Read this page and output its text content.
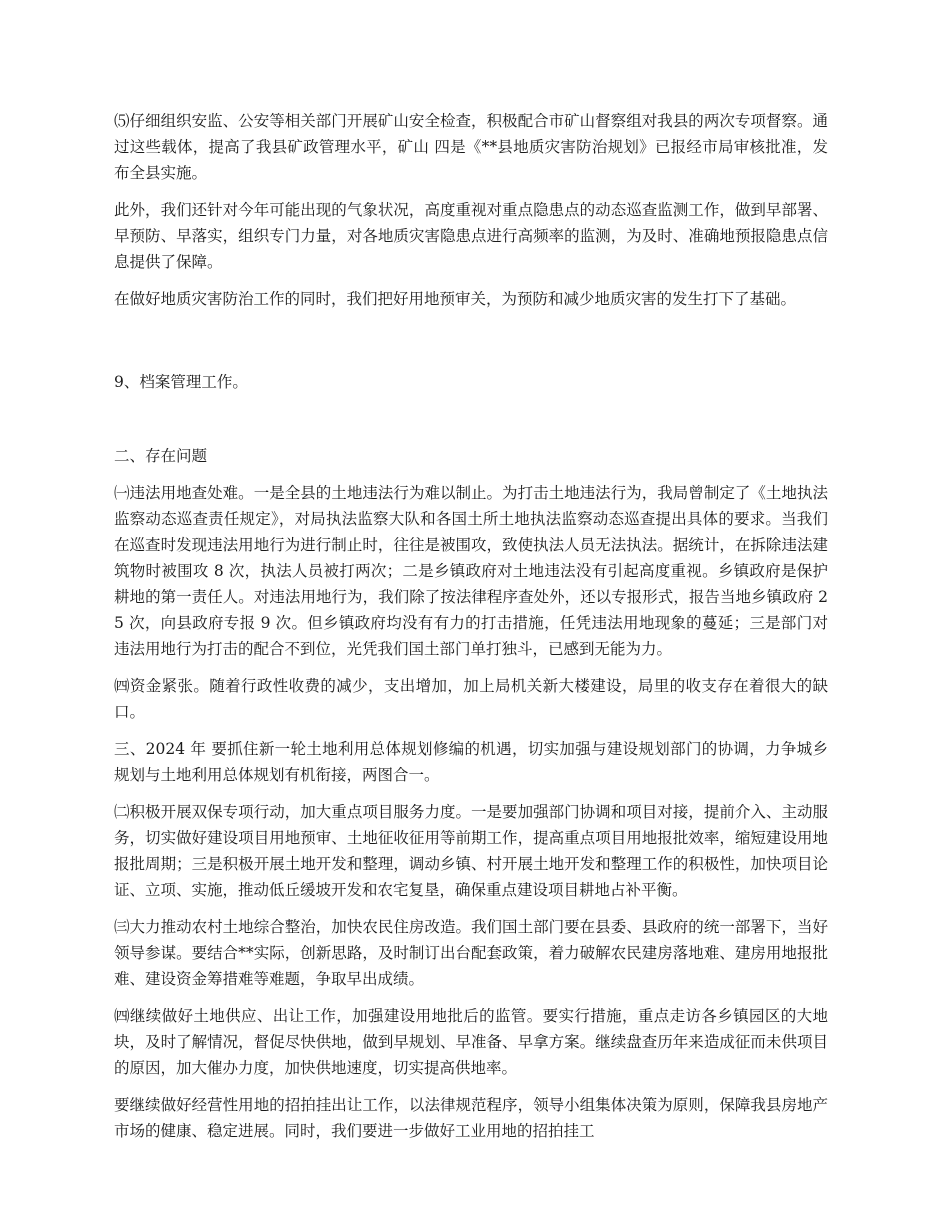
⑸仔细组织安监、公安等相关部门开展矿山安全检查，积极配合市矿山督察组对我县的两次专项督察。通过这些载体，提高了我县矿政管理水平，矿山 四是《**县地质灾害防治规划》已报经市局审核批准，发布全县实施。

此外，我们还针对今年可能出现的气象状况，高度重视对重点隐患点的动态巡查监测工作，做到早部署、早预防、早落实，组织专门力量，对各地质灾害隐患点进行高频率的监测，为及时、准确地预报隐患点信息提供了保障。

在做好地质灾害防治工作的同时，我们把好用地预审关，为预防和减少地质灾害的发生打下了基础。

9、档案管理工作。

二、存在问题

㈠违法用地查处难。一是全县的土地违法行为难以制止。为打击土地违法行为，我局曾制定了《土地执法监察动态巡查责任规定》，对局执法监察大队和各国土所土地执法监察动态巡查提出具体的要求。当我们在巡查时发现违法用地行为进行制止时，往往是被围攻，致使执法人员无法执法。据统计，在拆除违法建筑物时被围攻 8 次，执法人员被打两次；二是乡镇政府对土地违法没有引起高度重视。乡镇政府是保护耕地的第一责任人。对违法用地行为，我们除了按法律程序查处外，还以专报形式，报告当地乡镇政府 25 次，向县政府专报 9 次。但乡镇政府均没有有力的打击措施，任凭违法用地现象的蔓延；三是部门对违法用地行为打击的配合不到位，光凭我们国土部门单打独斗，已感到无能为力。

㈣资金紧张。随着行政性收费的减少，支出增加，加上局机关新大楼建设，局里的收支存在着很大的缺口。

三、2024 年 要抓住新一轮土地利用总体规划修编的机遇，切实加强与建设规划部门的协调，力争城乡规划与土地利用总体规划有机衔接，两图合一。

㈡积极开展双保专项行动，加大重点项目服务力度。一是要加强部门协调和项目对接，提前介入、主动服务，切实做好建设项目用地预审、土地征收征用等前期工作，提高重点项目用地报批效率，缩短建设用地报批周期；三是积极开展土地开发和整理，调动乡镇、村开展土地开发和整理工作的积极性，加快项目论证、立项、实施，推动低丘缓坡开发和农宅复垦，确保重点建设项目耕地占补平衡。

㈢大力推动农村土地综合整治，加快农民住房改造。我们国土部门要在县委、县政府的统一部署下，当好领导参谋。要结合**实际，创新思路，及时制订出台配套政策，着力破解农民建房落地难、建房用地报批难、建设资金筹措难等难题，争取早出成绩。

㈣继续做好土地供应、出让工作，加强建设用地批后的监管。要实行措施，重点走访各乡镇园区的大地块，及时了解情况，督促尽快供地，做到早规划、早准备、早拿方案。继续盘查历年来造成征而未供项目的原因，加大催办力度，加快供地速度，切实提高供地率。

要继续做好经营性用地的招拍挂出让工作，以法律规范程序，领导小组集体决策为原则，保障我县房地产市场的健康、稳定进展。同时，我们要进一步做好工业用地的招拍挂工
